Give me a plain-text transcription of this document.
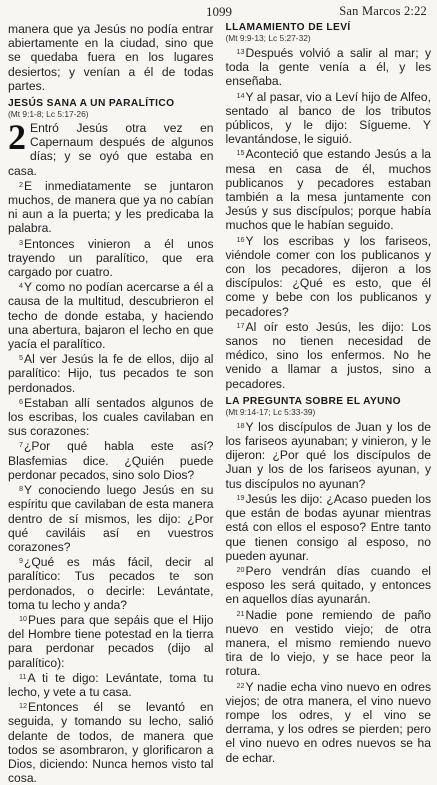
1099	San Marcos 2:22

manera que ya Jesús no podía entrar abiertamente en la ciudad, sino que se quedaba fuera en los lugares desiertos; y venían a él de todas partes.

JESÚS SANA A UN PARALÍTICO
(Mt 9:1-8; Lc 5:17-26)

2 Entró Jesús otra vez en Capernaum después de algunos días; y se oyó que estaba en casa.

$^2$E inmediatamente se juntaron muchos, de manera que ya no cabían ni aun a la puerta; y les predicaba la palabra.

$^3$Entonces vinieron a él unos trayendo un paralítico, que era cargado por cuatro.

$^4$Y como no podían acercarse a él a causa de la multitud, descubrieron el techo de donde estaba, y haciendo una abertura, bajaron el lecho en que yacía el paralítico.

$^5$Al ver Jesús la fe de ellos, dijo al paralítico: Hijo, tus pecados te son perdonados.

$^6$Estaban allí sentados algunos de los escribas, los cuales cavilaban en sus corazones:

$^7$¿Por qué habla este así? Blasfemias dice. ¿Quién puede perdonar pecados, sino solo Dios?

$^8$Y conociendo luego Jesús en su espíritu que cavilaban de esta manera dentro de sí mismos, les dijo: ¿Por qué caviláis así en vuestros corazones?

$^9$¿Qué es más fácil, decir al paralítico: Tus pecados te son perdonados, o decirle: Levántate, toma tu lecho y anda?

$^{10}$Pues para que sepáis que el Hijo del Hombre tiene potestad en la tierra para perdonar pecados (dijo al paralítico):

$^{11}$A ti te digo: Levántate, toma tu lecho, y vete a tu casa.

$^{12}$Entonces él se levantó en seguida, y tomando su lecho, salió delante de todos, de manera que todos se asombraron, y glorificaron a Dios, diciendo: Nunca hemos visto tal cosa.

LLAMAMIENTO DE LEVÍ
(Mt 9:9-13; Lc 5:27-32)

$^{13}$Después volvió a salir al mar; y toda la gente venía a él, y les enseñaba.

$^{14}$Y al pasar, vio a Leví hijo de Alfeo, sentado al banco de los tributos públicos, y le dijo: Sígueme. Y levantándose, le siguió.

$^{15}$Aconteció que estando Jesús a la mesa en casa de él, muchos publicanos y pecadores estaban también a la mesa juntamente con Jesús y sus discípulos; porque había muchos que le habían seguido.

$^{16}$Y los escribas y los fariseos, viéndole comer con los publicanos y con los pecadores, dijeron a los discípulos: ¿Qué es esto, que él come y bebe con los publicanos y pecadores?

$^{17}$Al oír esto Jesús, les dijo: Los sanos no tienen necesidad de médico, sino los enfermos. No he venido a llamar a justos, sino a pecadores.

LA PREGUNTA SOBRE EL AYUNO
(Mt 9:14-17; Lc 5:33-39)

$^{18}$Y los discípulos de Juan y los de los fariseos ayunaban; y vinieron, y le dijeron: ¿Por qué los discípulos de Juan y los de los fariseos ayunan, y tus discípulos no ayunan?

$^{19}$Jesús les dijo: ¿Acaso pueden los que están de bodas ayunar mientras está con ellos el esposo? Entre tanto que tienen consigo al esposo, no pueden ayunar.

$^{20}$Pero vendrán días cuando el esposo les será quitado, y entonces en aquellos días ayunarán.

$^{21}$Nadie pone remiendo de paño nuevo en vestido viejo; de otra manera, el mismo remiendo nuevo tira de lo viejo, y se hace peor la rotura.

$^{22}$Y nadie echa vino nuevo en odres viejos; de otra manera, el vino nuevo rompe los odres, y el vino se derrama, y los odres se pierden; pero el vino nuevo en odres nuevos se ha de echar.
